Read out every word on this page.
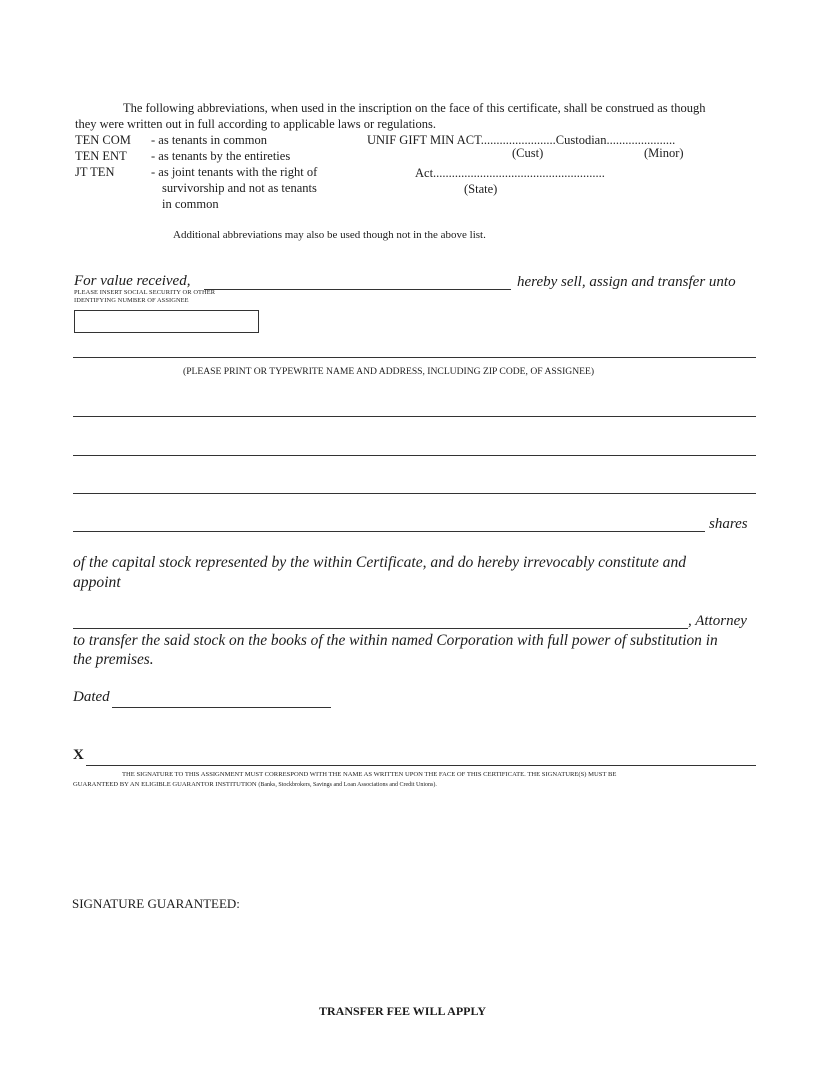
The following abbreviations, when used in the inscription on the face of this certificate, shall be construed as though
they were written out in full according to applicable laws or regulations.
TEN COM - as tenants in common
TEN ENT - as tenants by the entireties
JT TEN	- as joint tenants with the right of
survivorship and not as tenants
in common
UNIF GIFT MIN ACT........................Custodian......................
(Cust)	(Minor)
Act.......................................................
(State)
Additional abbreviations may also be used though not in the above list.
For value received,	hereby sell, assign and transfer unto
PLEASE INSERT SOCIAL SECURITY OR OTHER
IDENTIFYING NUMBER OF ASSIGNEE
(PLEASE PRINT OR TYPEWRITE NAME AND ADDRESS, INCLUDING ZIP CODE, OF ASSIGNEE)
shares
of the capital stock represented by the within Certificate, and do hereby irrevocably constitute and
appoint
, Attorney
to transfer the said stock on the books of the within named Corporation with full power of substitution in
the premises.
Dated
X
THE SIGNATURE TO THIS ASSIGNMENT MUST CORRESPOND WITH THE NAME AS WRITTEN UPON THE FACE OF THIS CERTIFICATE. THE SIGNATURE(S) MUST BE
GUARANTEED BY AN ELIGIBLE GUARANTOR INSTITUTION (Banks, Stockbrokers, Savings and Loan Associations and Credit Unions).
SIGNATURE GUARANTEED:
TRANSFER FEE WILL APPLY
